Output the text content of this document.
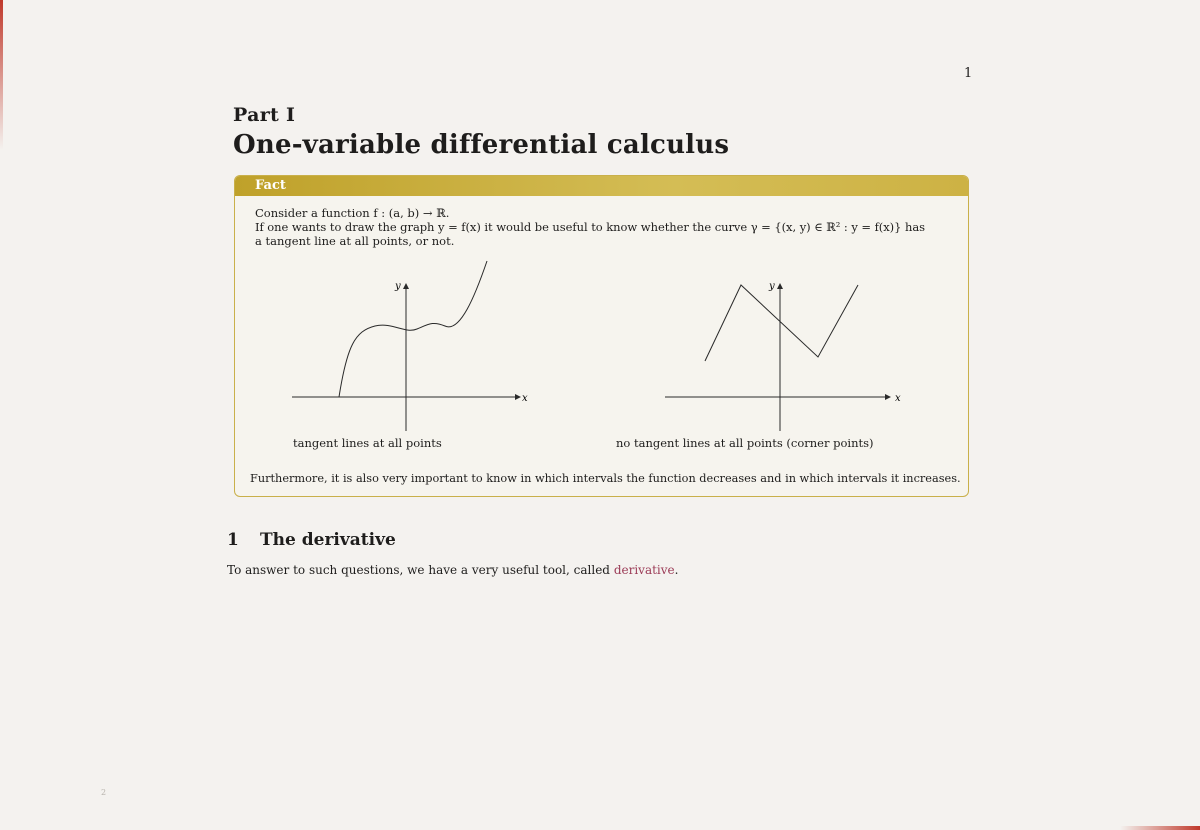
1
Part I
One-variable differential calculus
Fact
Consider a function f : (a, b) → ℝ.
If one wants to draw the graph y = f(x) it would be useful to know whether the curve γ = {(x, y) ∈ ℝ² : y = f(x)} has
a tangent line at all points, or not.
y
x
y
x
tangent lines at all points	no tangent lines at all points (corner points)
Furthermore, it is also very important to know in which intervals the function decreases and in which intervals it increases.
1 The derivative
To answer to such questions, we have a very useful tool, called derivative.
2
